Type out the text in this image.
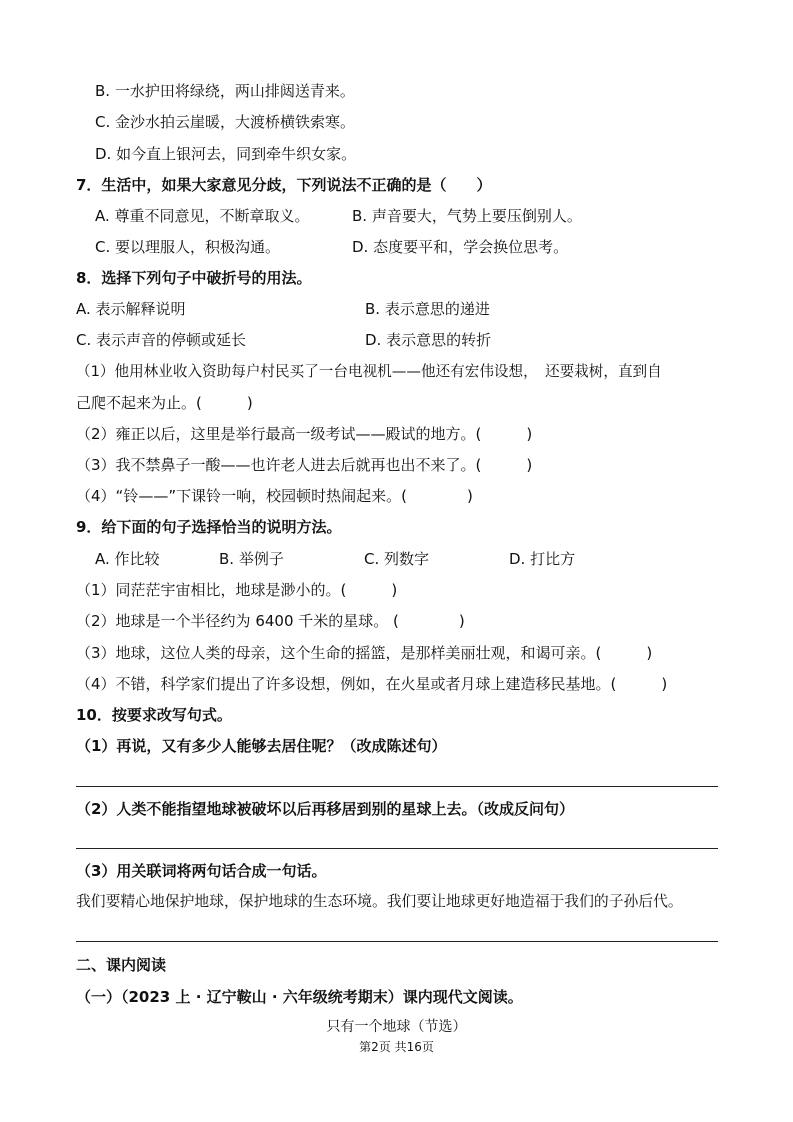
B. 一水护田将绿绕，两山排闼送青来。
C. 金沙水拍云崖暖，大渡桥横铁索寒。
D. 如今直上银河去，同到牵牛织女家。
7．生活中，如果大家意见分歧，下列说法不正确的是（　　）
A. 尊重不同意见，不断章取义。	B. 声音要大，气势上要压倒别人。
C. 要以理服人，积极沟通。	D. 态度要平和，学会换位思考。
8．选择下列句子中破折号的用法。
A. 表示解释说明	B. 表示意思的递进
C. 表示声音的停顿或延长	D. 表示意思的转折
（1）他用林业收入资助每户村民买了一台电视机——他还有宏伟设想，　还要栽树，直到自
己爬不起来为止。(　　　)
（2）雍正以后，这里是举行最高一级考试——殿试的地方。(　　　)
（3）我不禁鼻子一酸——也许老人进去后就再也出不来了。(　　　)
（4）“铃——”下课铃一响，校园顿时热闹起来。(　　　　)
9．给下面的句子选择恰当的说明方法。
A. 作比较	B. 举例子	C. 列数字	D. 打比方
（1）同茫茫宇宙相比，地球是渺小的。(　　　)
（2）地球是一个半径约为 6400 千米的星球。 (　　　　)
（3）地球，这位人类的母亲，这个生命的摇篮，是那样美丽壮观，和谒可亲。(　　　)
（4）不错，科学家们提出了许多设想，例如，在火星或者月球上建造移民基地。(　　　)
10．按要求改写句式。
（1）再说，又有多少人能够去居住呢？（改成陈述句）
（2）人类不能指望地球被破坏以后再移居到别的星球上去。（改成反问句）
（3）用关联词将两句话合成一句话。
我们要精心地保护地球，保护地球的生态环境。我们要让地球更好地造福于我们的子孙后代。
二、课内阅读
（一）（2023 上 · 辽宁鞍山 · 六年级统考期末）课内现代文阅读。
只有一个地球（节选）
第2页 共16页
